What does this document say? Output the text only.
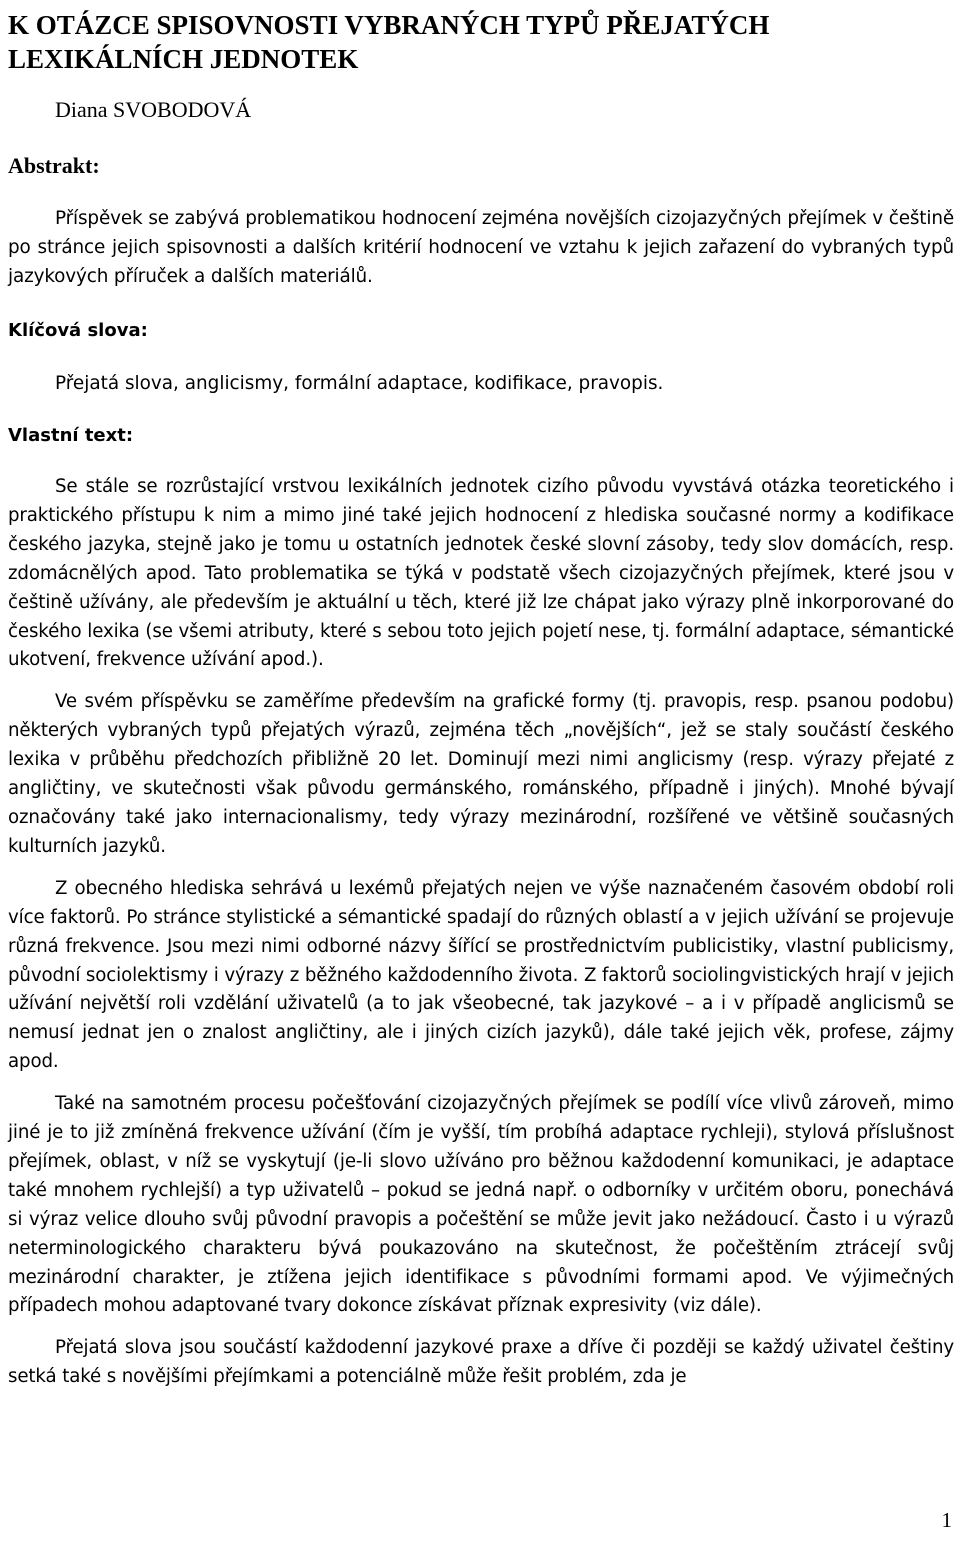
K OTÁZCE SPISOVNOSTI VYBRANÝCH TYPŮ PŘEJATÝCH LEXIKÁLNÍCH JEDNOTEK

Diana SVOBODOVÁ

Abstrakt:

Příspěvek se zabývá problematikou hodnocení zejména novějších cizojazyčných přejímek v češtině po stránce jejich spisovnosti a dalších kritérií hodnocení ve vztahu k jejich zařazení do vybraných typů jazykových příruček a dalších materiálů.

Klíčová slova:

Přejatá slova, anglicismy, formální adaptace, kodifikace, pravopis.

Vlastní text:

Se stále se rozrůstající vrstvou lexikálních jednotek cizího původu vyvstává otázka teoretického i praktického přístupu k nim a mimo jiné také jejich hodnocení z hlediska současné normy a kodifikace českého jazyka, stejně jako je tomu u ostatních jednotek české slovní zásoby, tedy slov domácích, resp. zdomácnělých apod. Tato problematika se týká v podstatě všech cizojazyčných přejímek, které jsou v češtině užívány, ale především je aktuální u těch, které již lze chápat jako výrazy plně inkorporované do českého lexika (se všemi atributy, které s sebou toto jejich pojetí nese, tj. formální adaptace, sémantické ukotvení, frekvence užívání apod.).

Ve svém příspěvku se zaměříme především na grafické formy (tj. pravopis, resp. psanou podobu) některých vybraných typů přejatých výrazů, zejména těch „novějších“, jež se staly součástí českého lexika v průběhu předchozích přibližně 20 let. Dominují mezi nimi anglicismy (resp. výrazy přejaté z angličtiny, ve skutečnosti však původu germánského, románského, případně i jiných). Mnohé bývají označovány také jako internacionalismy, tedy výrazy mezinárodní, rozšířené ve většině současných kulturních jazyků.

Z obecného hlediska sehrává u lexémů přejatých nejen ve výše naznačeném časovém období roli více faktorů. Po stránce stylistické a sémantické spadají do různých oblastí a v jejich užívání se projevuje různá frekvence. Jsou mezi nimi odborné názvy šířící se prostřednictvím publicistiky, vlastní publicismy, původní sociolektismy i výrazy z běžného každodenního života. Z faktorů sociolingvistických hrají v jejich užívání největší roli vzdělání uživatelů (a to jak všeobecné, tak jazykové – a i v případě anglicismů se nemusí jednat jen o znalost angličtiny, ale i jiných cizích jazyků), dále také jejich věk, profese, zájmy apod.

Také na samotném procesu počešťování cizojazyčných přejímek se podílí více vlivů zároveň, mimo jiné je to již zmíněná frekvence užívání (čím je vyšší, tím probíhá adaptace rychleji), stylová příslušnost přejímek, oblast, v níž se vyskytují (je-li slovo užíváno pro běžnou každodenní komunikaci, je adaptace také mnohem rychlejší) a typ uživatelů – pokud se jedná např. o odborníky v určitém oboru, ponechává si výraz velice dlouho svůj původní pravopis a počeštění se může jevit jako nežádoucí. Často i u výrazů neterminologického charakteru bývá poukazováno na skutečnost, že počeštěním ztrácejí svůj mezinárodní charakter, je ztížena jejich identifikace s původními formami apod. Ve výjimečných případech mohou adaptované tvary dokonce získávat příznak expresivity (viz dále).

Přejatá slova jsou součástí každodenní jazykové praxe a dříve či později se každý uživatel češtiny setká také s novějšími přejímkami a potenciálně může řešit problém, zda je

1
